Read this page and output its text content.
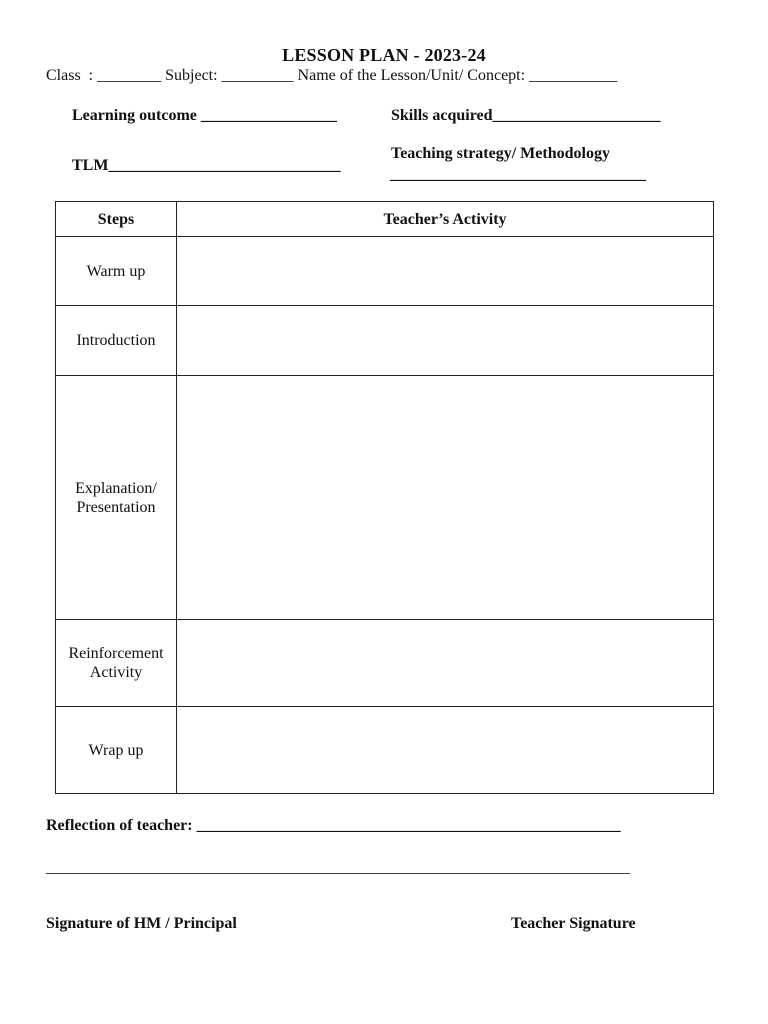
LESSON PLAN - 2023-24
Class  : ________ Subject: _________ Name of the Lesson/Unit/ Concept: ___________
Learning outcome _________________	Skills acquired_____________________
Teaching strategy/ Methodology
________________________________
TLM_____________________________
Steps	Teacher’s Activity
Warm up	
Introduction	
Explanation/ Presentation	
Reinforcement Activity	
Wrap up	
Reflection of teacher: _____________________________________________________
_________________________________________________________________________
Signature of HM / Principal	Teacher Signature
